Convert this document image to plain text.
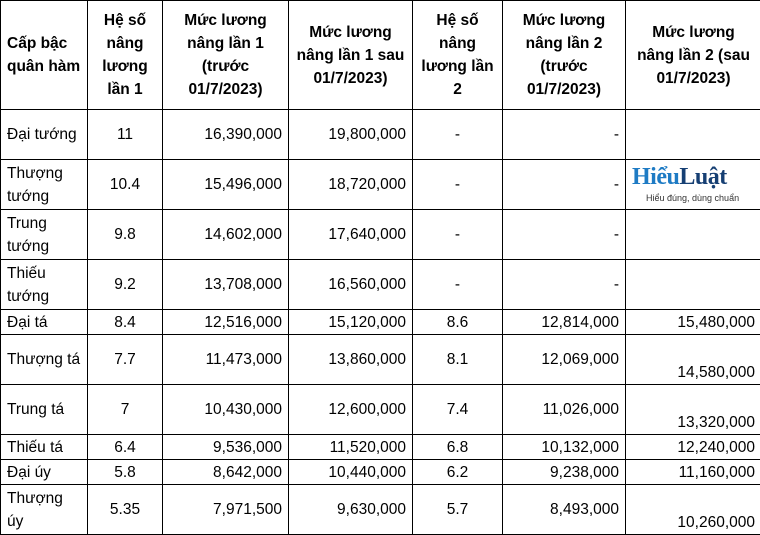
Cấp bậc quân hàm	Hệ số nâng lương lần 1	Mức lương nâng lần 1 (trước 01/7/2023)	Mức lương nâng lần 1 sau 01/7/2023)	Hệ số nâng lương lần 2	Mức lương nâng lần 2 (trước 01/7/2023)	Mức lương nâng lần 2 (sau 01/7/2023)
Đại tướng	11	16,390,000	19,800,000	-	-	
Thượng tướng	10.4	15,496,000	18,720,000	-	-	
Trung tướng	9.8	14,602,000	17,640,000	-	-	
Thiếu tướng	9.2	13,708,000	16,560,000	-	-	
Đại tá	8.4	12,516,000	15,120,000	8.6	12,814,000	15,480,000
Thượng tá	7.7	11,473,000	13,860,000	8.1	12,069,000	14,580,000
Trung tá	7	10,430,000	12,600,000	7.4	11,026,000	13,320,000
Thiếu tá	6.4	9,536,000	11,520,000	6.8	10,132,000	12,240,000
Đại úy	5.8	8,642,000	10,440,000	6.2	9,238,000	11,160,000
Thượng úy	5.35	7,971,500	9,630,000	5.7	8,493,000	10,260,000
HiểuLuật
Hiểu đúng, dùng chuẩn
